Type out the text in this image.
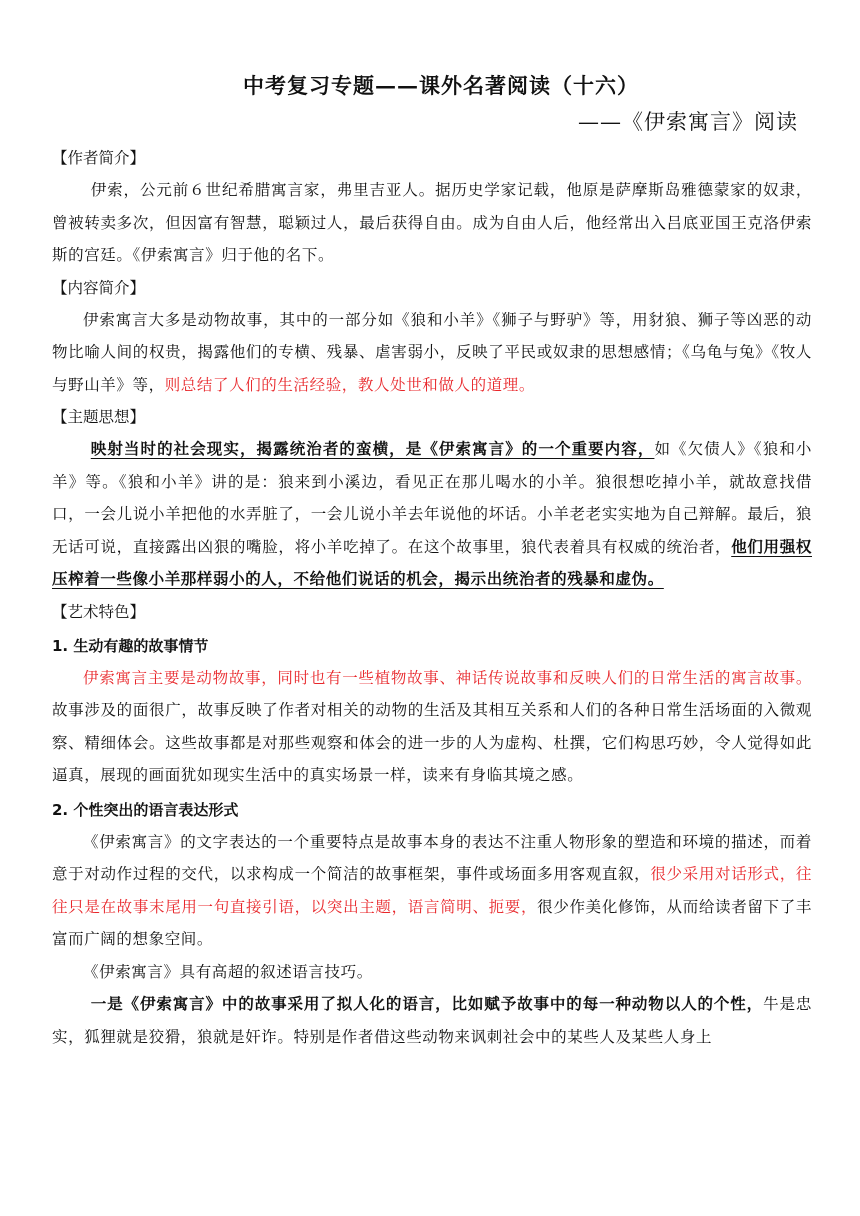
中考复习专题——课外名著阅读（十六）
——《伊索寓言》阅读
【作者简介】

伊索，公元前６世纪希腊寓言家，弗里吉亚人。据历史学家记载，他原是萨摩斯岛雅德蒙家的奴隶，曾被转卖多次，但因富有智慧，聪颖过人，最后获得自由。成为自由人后，他经常出入吕底亚国王克洛伊索斯的宫廷。《伊索寓言》归于他的名下。

【内容简介】

伊索寓言大多是动物故事，其中的一部分如《狼和小羊》《狮子与野驴》等，用豺狼、狮子等凶恶的动物比喻人间的权贵，揭露他们的专横、残暴、虐害弱小，反映了平民或奴隶的思想感情；《乌龟与兔》《牧人与野山羊》等，则总结了人们的生活经验，教人处世和做人的道理。

【主题思想】

映射当时的社会现实，揭露统治者的蛮横，是《伊索寓言》的一个重要内容，如《欠债人》《狼和小羊》等。《狼和小羊》讲的是：狼来到小溪边，看见正在那儿喝水的小羊。狼很想吃掉小羊，就故意找借口，一会儿说小羊把他的水弄脏了，一会儿说小羊去年说他的坏话。小羊老老实实地为自己辩解。最后，狼无话可说，直接露出凶狠的嘴脸，将小羊吃掉了。在这个故事里，狼代表着具有权威的统治者，他们用强权压榨着一些像小羊那样弱小的人，不给他们说话的机会，揭示出统治者的残暴和虚伪。

【艺术特色】
1. 生动有趣的故事情节

伊索寓言主要是动物故事，同时也有一些植物故事、神话传说故事和反映人们的日常生活的寓言故事。故事涉及的面很广，故事反映了作者对相关的动物的生活及其相互关系和人们的各种日常生活场面的入微观察、精细体会。这些故事都是对那些观察和体会的进一步的人为虚构、杜撰，它们构思巧妙，令人觉得如此逼真，展现的画面犹如现实生活中的真实场景一样，读来有身临其境之感。

2. 个性突出的语言表达形式

《伊索寓言》的文字表达的一个重要特点是故事本身的表达不注重人物形象的塑造和环境的描述，而着意于对动作过程的交代，以求构成一个简洁的故事框架，事件或场面多用客观直叙，很少采用对话形式，往往只是在故事末尾用一句直接引语，以突出主题，语言简明、扼要，很少作美化修饰，从而给读者留下了丰富而广阔的想象空间。

《伊索寓言》具有高超的叙述语言技巧。

一是《伊索寓言》中的故事采用了拟人化的语言，比如赋予故事中的每一种动物以人的个性，牛是忠实，狐狸就是狡猾，狼就是奸诈。特别是作者借这些动物来讽刺社会中的某些人及某些人身上
